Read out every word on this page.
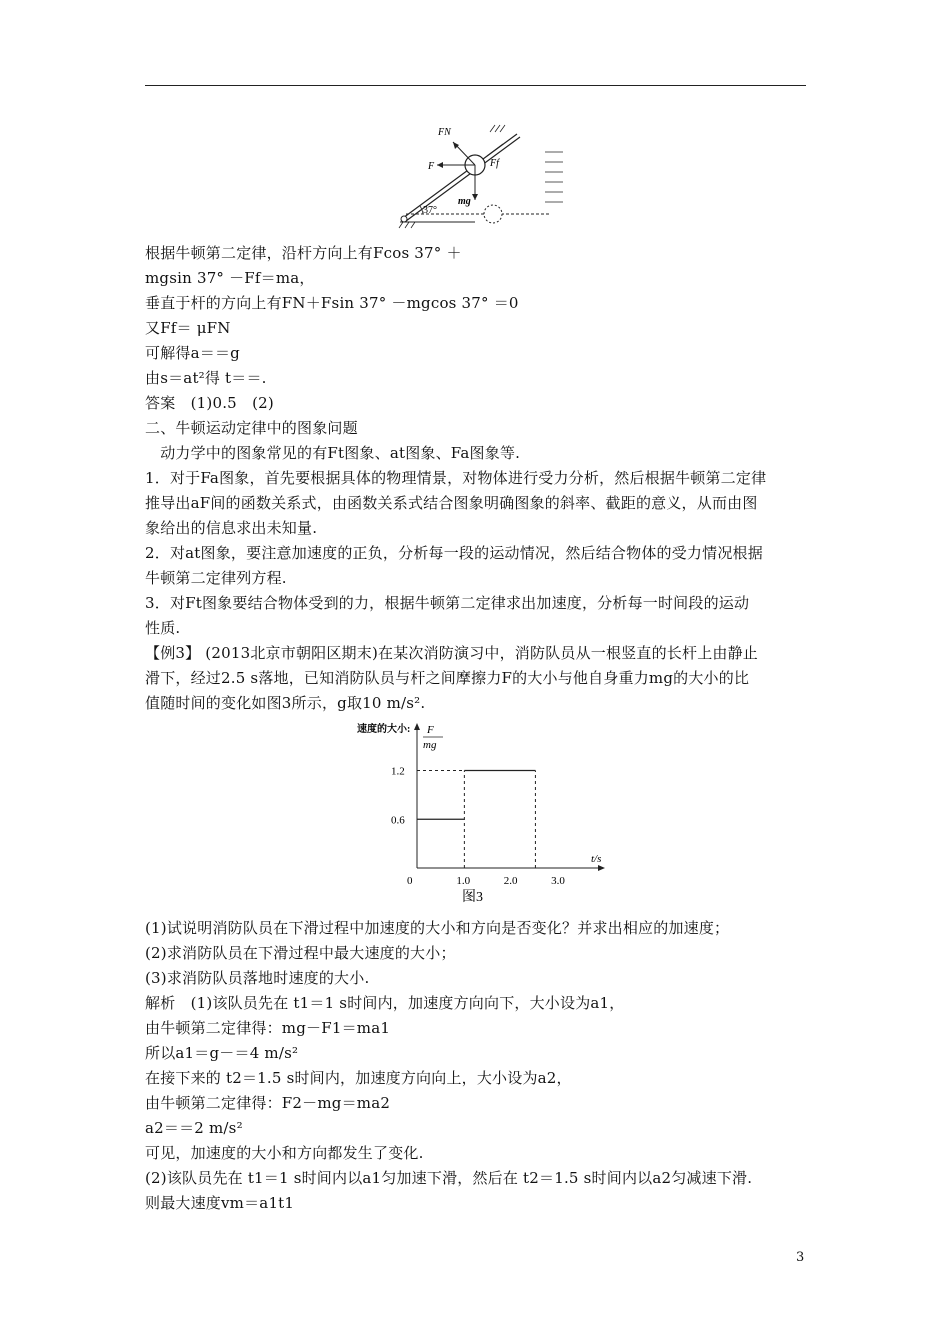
FN
F	Ff
mg
37°
0	1.0	2.0	3.0
0.6
1.2
t/s
速度的大小: F
mg
图3
3
根据牛顿第二定律，沿杆方向上有Fcos 37° ＋
mgsin 37° －Ff＝ma，
垂直于杆的方向上有FN＋Fsin 37° －mgcos 37° ＝0
又Ff＝ μFN
可解得a＝＝g
由s＝at²得 t＝＝.
答案　(1)0.5　(2)
二、牛顿运动定律中的图象问题
　动力学中的图象常见的有Ft图象、at图象、Fa图象等.
1．对于Fa图象，首先要根据具体的物理情景，对物体进行受力分析，然后根据牛顿第二定律
推导出aF间的函数关系式，由函数关系式结合图象明确图象的斜率、截距的意义，从而由图
象给出的信息求出未知量.
2．对at图象，要注意加速度的正负，分析每一段的运动情况，然后结合物体的受力情况根据
牛顿第二定律列方程.
3．对Ft图象要结合物体受到的力，根据牛顿第二定律求出加速度，分析每一时间段的运动
性质.
【例3】 (2013北京市朝阳区期末)在某次消防演习中，消防队员从一根竖直的长杆上由静止
滑下，经过2.5 s落地，已知消防队员与杆之间摩擦力F的大小与他自身重力mg的大小的比
值随时间的变化如图3所示，g取10 m/s².
(1)试说明消防队员在下滑过程中加速度的大小和方向是否变化？并求出相应的加速度；
(2)求消防队员在下滑过程中最大速度的大小；
(3)求消防队员落地时速度的大小.
解析　(1)该队员先在 t1＝1 s时间内，加速度方向向下，大小设为a1，
由牛顿第二定律得：mg－F1＝ma1
所以a1＝g－＝4 m/s²
在接下来的 t2＝1.5 s时间内，加速度方向向上，大小设为a2，
由牛顿第二定律得：F2－mg＝ma2
a2＝＝2 m/s²
可见，加速度的大小和方向都发生了变化.
(2)该队员先在 t1＝1 s时间内以a1匀加速下滑，然后在 t2＝1.5 s时间内以a2匀减速下滑.
则最大速度vm＝a1t1
